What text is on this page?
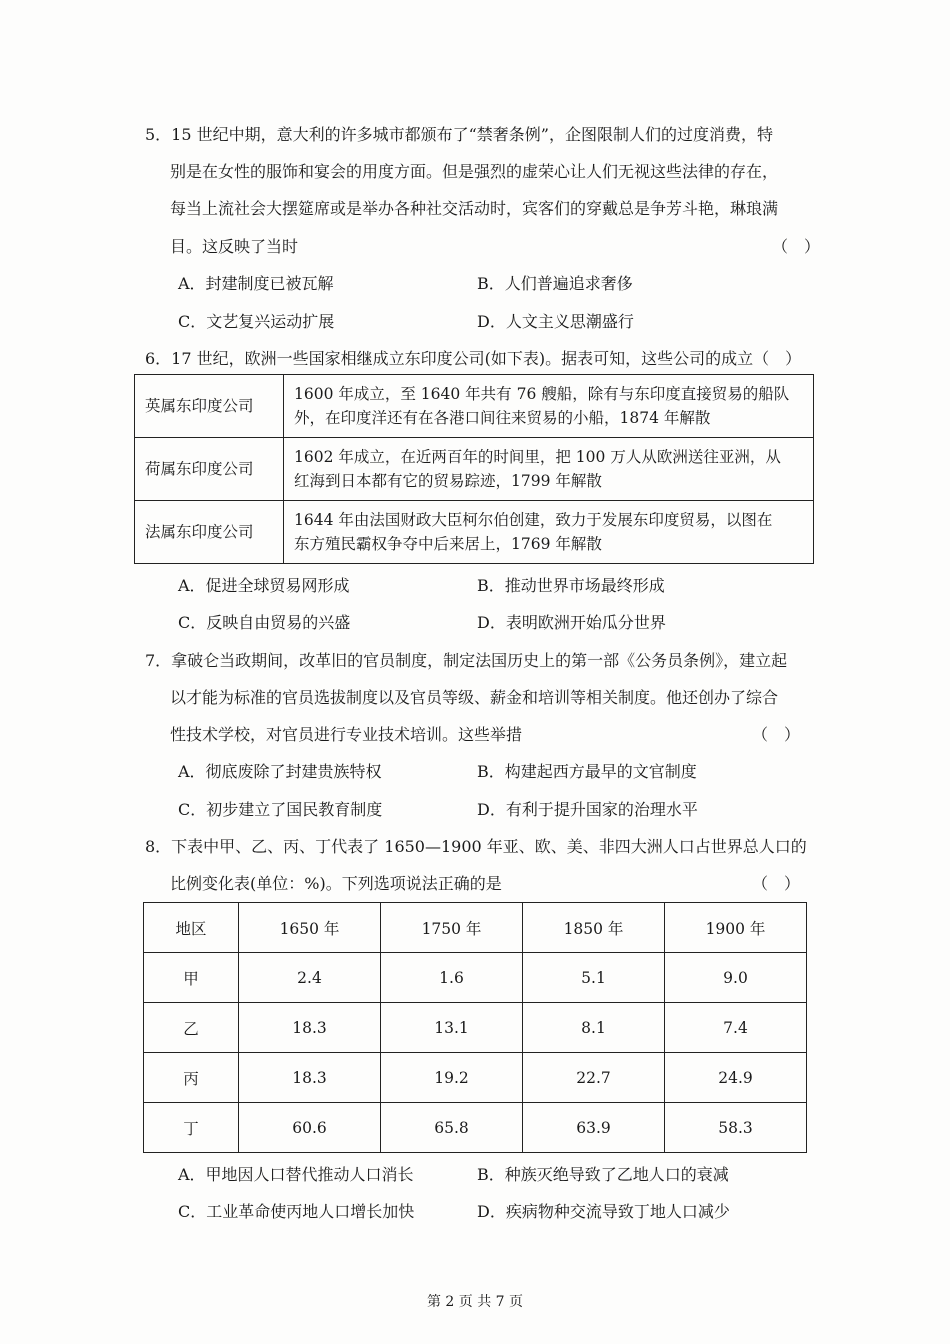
5．15 世纪中期，意大利的许多城市都颁布了“禁奢条例”，企图限制人们的过度消费，特
别是在女性的服饰和宴会的用度方面。但是强烈的虚荣心让人们无视这些法律的存在，
每当上流社会大摆筵席或是举办各种社交活动时，宾客们的穿戴总是争芳斗艳，琳琅满
目。这反映了当时	（　）
A．封建制度已被瓦解	B．人们普遍追求奢侈
C．文艺复兴运动扩展	D．人文主义思潮盛行
6．17 世纪，欧洲一些国家相继成立东印度公司(如下表)。据表可知，这些公司的成立（　）
英属东印度公司	1600 年成立，至 1640 年共有 76 艘船，除有与东印度直接贸易的船队
外，在印度洋还有在各港口间往来贸易的小船，1874 年解散

荷属东印度公司	1602 年成立，在近两百年的时间里，把 100 万人从欧洲送往亚洲，从
红海到日本都有它的贸易踪迹，1799 年解散

法属东印度公司	1644 年由法国财政大臣柯尔伯创建，致力于发展东印度贸易，以图在
东方殖民霸权争夺中后来居上，1769 年解散
A．促进全球贸易网形成	B．推动世界市场最终形成
C．反映自由贸易的兴盛	D．表明欧洲开始瓜分世界
7．拿破仑当政期间，改革旧的官员制度，制定法国历史上的第一部《公务员条例》，建立起
以才能为标准的官员选拔制度以及官员等级、薪金和培训等相关制度。他还创办了综合
性技术学校，对官员进行专业技术培训。这些举措	（　）
A．彻底废除了封建贵族特权	B．构建起西方最早的文官制度
C．初步建立了国民教育制度	D．有利于提升国家的治理水平
8．下表中甲、乙、丙、丁代表了 1650—1900 年亚、欧、美、非四大洲人口占世界总人口的
比例变化表(单位：%)。下列选项说法正确的是	（　）
地区	1650 年	1750 年	1850 年	1900 年
甲	2.4	1.6	5.1	9.0
乙	18.3	13.1	8.1	7.4
丙	18.3	19.2	22.7	24.9
丁	60.6	65.8	63.9	58.3
A．甲地因人口替代推动人口消长	B．种族灭绝导致了乙地人口的衰减
C．工业革命使丙地人口增长加快	D．疾病物种交流导致丁地人口减少
第 2 页 共 7 页
